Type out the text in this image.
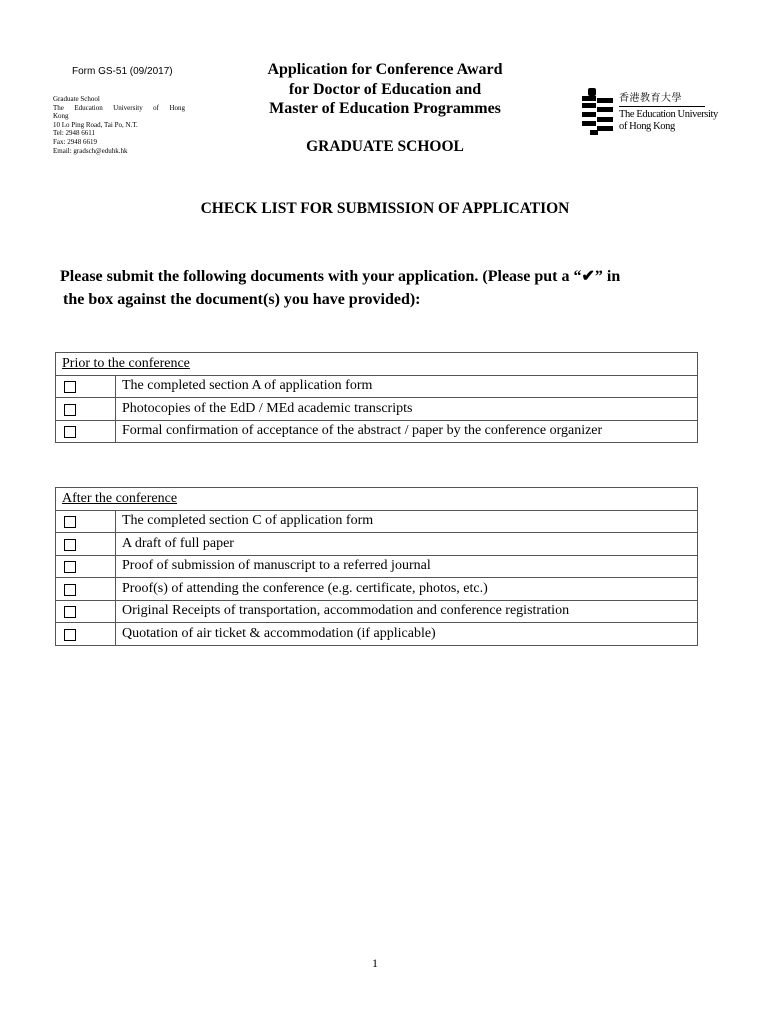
Form GS-51 (09/2017)
Graduate School
The Education University of Hong
Kong
10 Lo Ping Road, Tai Po, N.T.
Tel: 2948 6611
Fax: 2948 6619
Email: gradsch@eduhk.hk
Application for Conference Award
for Doctor of Education and
Master of Education Programmes
GRADUATE SCHOOL
香港教育大學
The Education University
of Hong Kong
CHECK LIST FOR SUBMISSION OF APPLICATION
Please submit the following documents with your application. (Please put a “✔” in
the box against the document(s) you have provided):
Prior to the conference	
	The completed section A of application form
	Photocopies of the EdD / MEd academic transcripts
	Formal confirmation of acceptance of the abstract / paper by the conference organizer
After the conference	
	The completed section C of application form
	A draft of full paper
	Proof of submission of manuscript to a referred journal
	Proof(s) of attending the conference (e.g. certificate, photos, etc.)
	Original Receipts of transportation, accommodation and conference registration
	Quotation of air ticket & accommodation (if applicable)
1
